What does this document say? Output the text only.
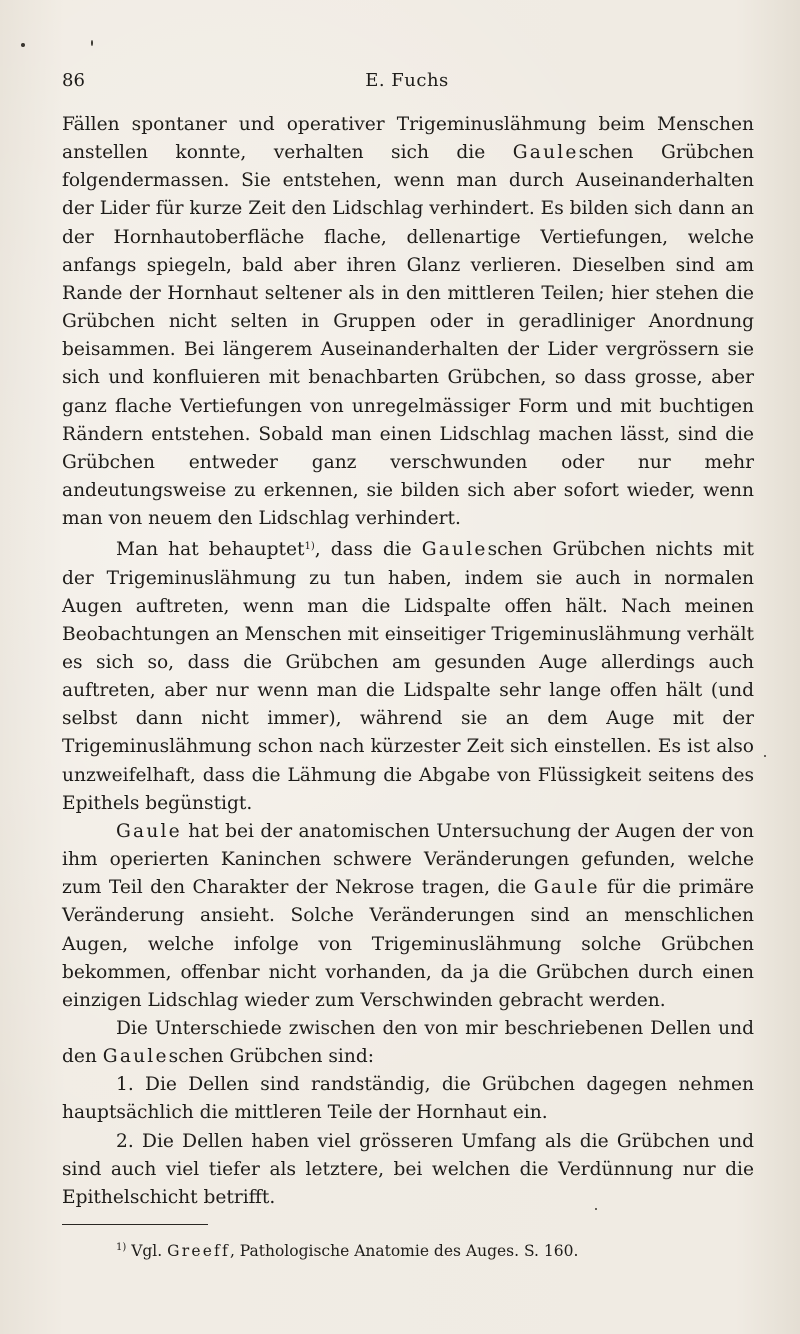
86	E. Fuchs

Fällen spontaner und operativer Trigeminuslähmung beim Menschen anstellen konnte, verhalten sich die Gauleschen Grübchen folgendermassen. Sie entstehen, wenn man durch Auseinanderhalten der Lider für kurze Zeit den Lidschlag verhindert. Es bilden sich dann an der Hornhautoberfläche flache, dellenartige Vertiefungen, welche anfangs spiegeln, bald aber ihren Glanz verlieren. Dieselben sind am Rande der Hornhaut seltener als in den mittleren Teilen; hier stehen die Grübchen nicht selten in Gruppen oder in geradliniger Anordnung beisammen. Bei längerem Auseinanderhalten der Lider vergrössern sie sich und konfluieren mit benachbarten Grübchen, so dass grosse, aber ganz flache Vertiefungen von unregelmässiger Form und mit buchtigen Rändern entstehen. Sobald man einen Lidschlag machen lässt, sind die Grübchen entweder ganz verschwunden oder nur mehr andeutungsweise zu erkennen, sie bilden sich aber sofort wieder, wenn man von neuem den Lidschlag verhindert.

Man hat behauptet$^{1)}$, dass die Gauleschen Grübchen nichts mit der Trigeminuslähmung zu tun haben, indem sie auch in normalen Augen auftreten, wenn man die Lidspalte offen hält. Nach meinen Beobachtungen an Menschen mit einseitiger Trigeminuslähmung verhält es sich so, dass die Grübchen am gesunden Auge allerdings auch auftreten, aber nur wenn man die Lidspalte sehr lange offen hält (und selbst dann nicht immer), während sie an dem Auge mit der Trigeminuslähmung schon nach kürzester Zeit sich einstellen. Es ist also unzweifelhaft, dass die Lähmung die Abgabe von Flüssigkeit seitens des Epithels begünstigt.

Gaule hat bei der anatomischen Untersuchung der Augen der von ihm operierten Kaninchen schwere Veränderungen gefunden, welche zum Teil den Charakter der Nekrose tragen, die Gaule für die primäre Veränderung ansieht. Solche Veränderungen sind an menschlichen Augen, welche infolge von Trigeminuslähmung solche Grübchen bekommen, offenbar nicht vorhanden, da ja die Grübchen durch einen einzigen Lidschlag wieder zum Verschwinden gebracht werden.

Die Unterschiede zwischen den von mir beschriebenen Dellen und den Gauleschen Grübchen sind:

1. Die Dellen sind randständig, die Grübchen dagegen nehmen hauptsächlich die mittleren Teile der Hornhaut ein.

2. Die Dellen haben viel grösseren Umfang als die Grübchen und sind auch viel tiefer als letztere, bei welchen die Verdünnung nur die Epithelschicht betrifft.

$^{1)}$ Vgl. Greeff, Pathologische Anatomie des Auges. S. 160.
